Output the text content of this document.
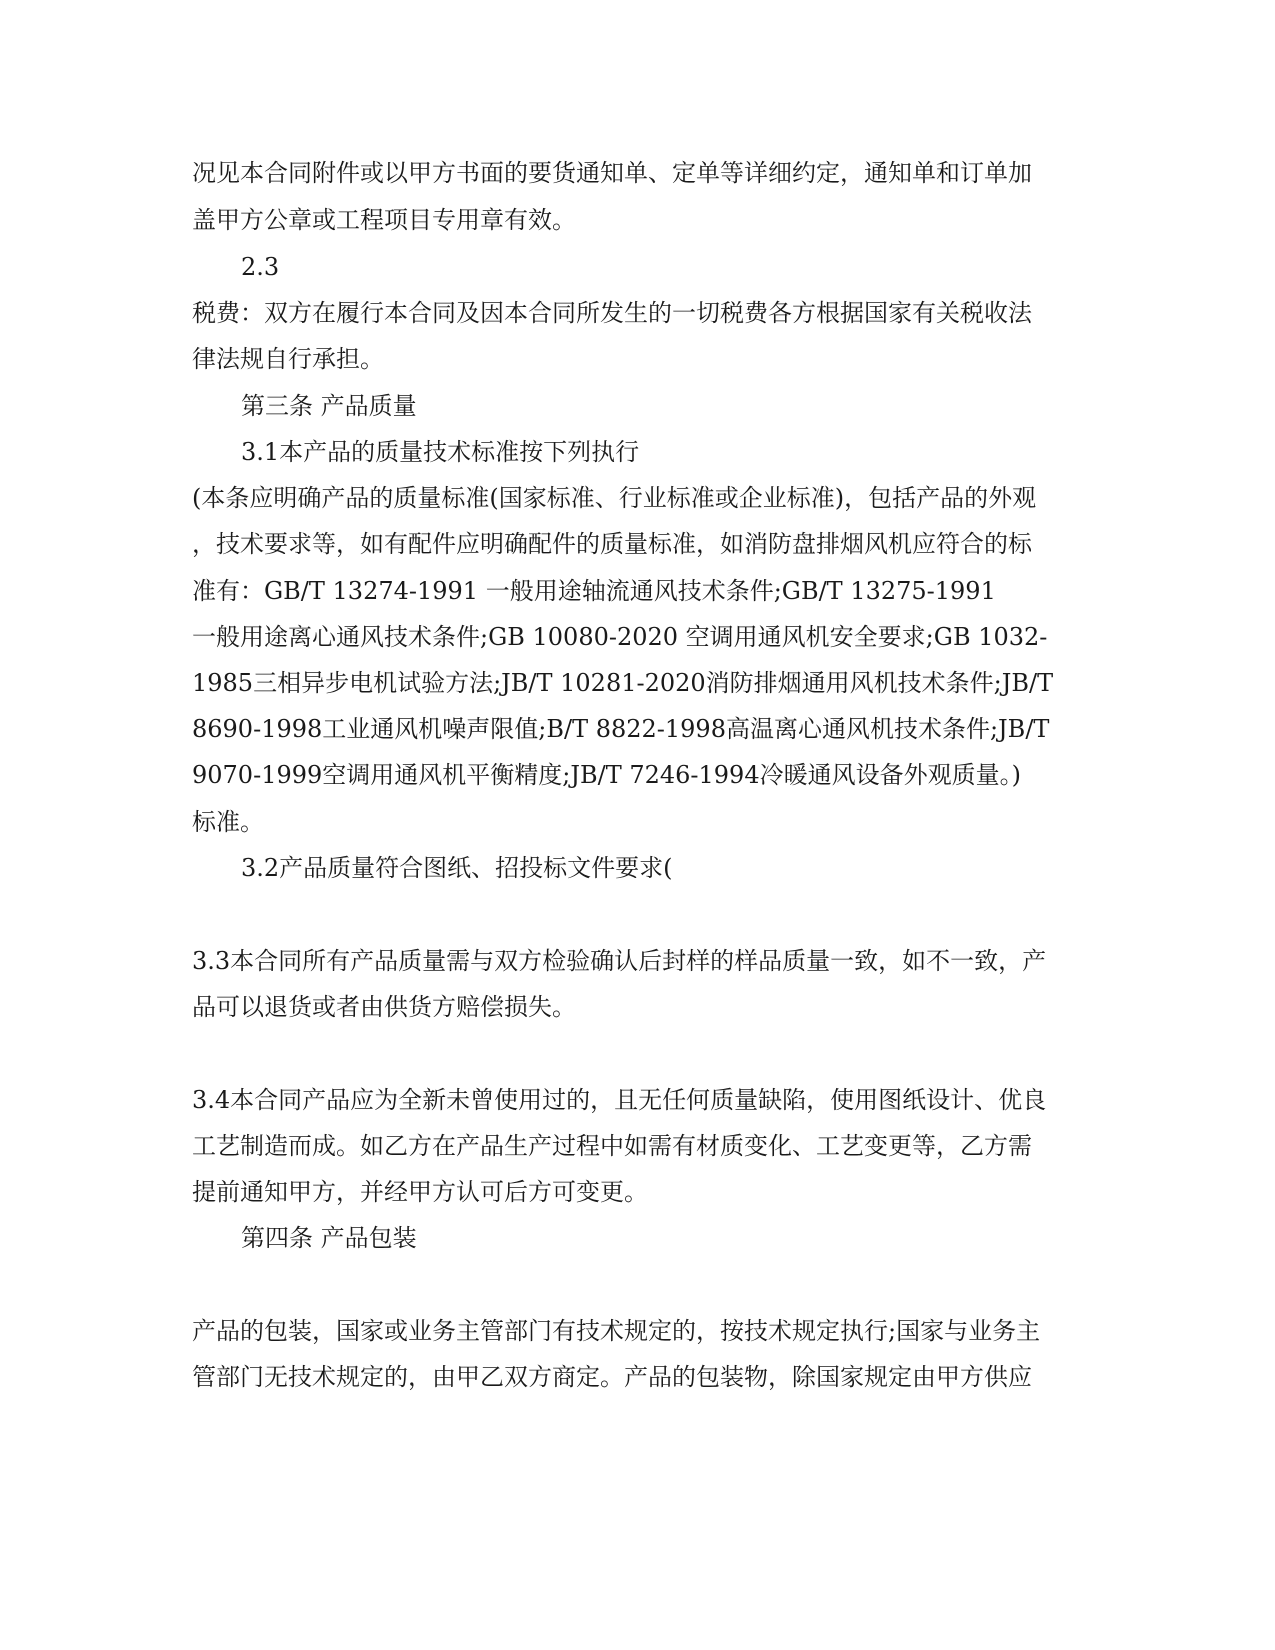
况见本合同附件或以甲方书面的要货通知单、定单等详细约定，通知单和订单加
盖甲方公章或工程项目专用章有效。
2.3
税费：双方在履行本合同及因本合同所发生的一切税费各方根据国家有关税收法
律法规自行承担。
第三条 产品质量
3.1本产品的质量技术标准按下列执行
(本条应明确产品的质量标准(国家标准、行业标准或企业标准)，包括产品的外观
，技术要求等，如有配件应明确配件的质量标准，如消防盘排烟风机应符合的标
准有：GB/T 13274-1991 一般用途轴流通风技术条件;GB/T 13275-1991
一般用途离心通风技术条件;GB 10080-2020 空调用通风机安全要求;GB 1032-
1985三相异步电机试验方法;JB/T 10281-2020消防排烟通用风机技术条件;JB/T
8690-1998工业通风机噪声限值;B/T 8822-1998高温离心通风机技术条件;JB/T
9070-1999空调用通风机平衡精度;JB/T 7246-1994冷暖通风设备外观质量。)
标准。
3.2产品质量符合图纸、招投标文件要求(
3.3本合同所有产品质量需与双方检验确认后封样的样品质量一致，如不一致，产
品可以退货或者由供货方赔偿损失。
3.4本合同产品应为全新未曾使用过的，且无任何质量缺陷，使用图纸设计、优良
工艺制造而成。如乙方在产品生产过程中如需有材质变化、工艺变更等，乙方需
提前通知甲方，并经甲方认可后方可变更。
第四条 产品包装
产品的包装，国家或业务主管部门有技术规定的，按技术规定执行;国家与业务主
管部门无技术规定的，由甲乙双方商定。产品的包装物，除国家规定由甲方供应
